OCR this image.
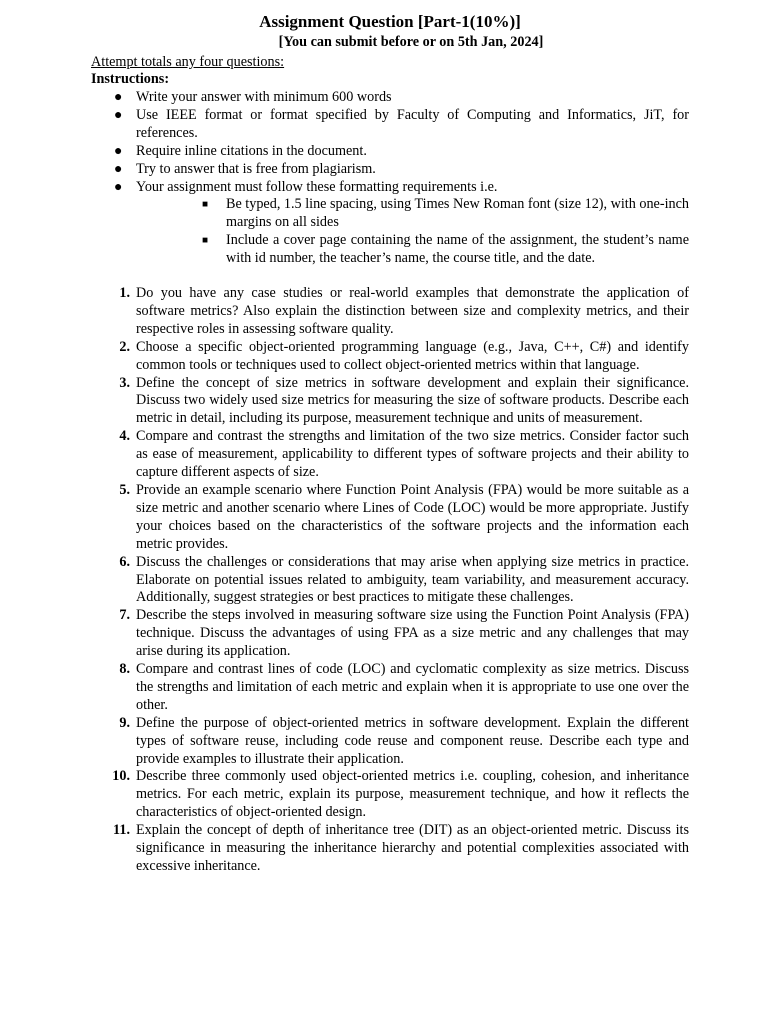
Assignment Question [Part-1(10%)]
[You can submit before or on 5th Jan, 2024]
Attempt totals any four questions:
Instructions:
● Write your answer with minimum 600 words
● Use IEEE format or format specified by Faculty of Computing and Informatics, JiT, for references.
● Require inline citations in the document.
● Try to answer that is free from plagiarism.
● Your assignment must follow these formatting requirements i.e.
■ Be typed, 1.5 line spacing, using Times New Roman font (size 12), with one-inch margins on all sides
■ Include a cover page containing the name of the assignment, the student’s name with id number, the teacher’s name, the course title, and the date.
1. Do you have any case studies or real-world examples that demonstrate the application of software metrics? Also explain the distinction between size and complexity metrics, and their respective roles in assessing software quality.
2. Choose a specific object-oriented programming language (e.g., Java, C++, C#) and identify common tools or techniques used to collect object-oriented metrics within that language.
3. Define the concept of size metrics in software development and explain their significance. Discuss two widely used size metrics for measuring the size of software products. Describe each metric in detail, including its purpose, measurement technique and units of measurement.
4. Compare and contrast the strengths and limitation of the two size metrics. Consider factor such as ease of measurement, applicability to different types of software projects and their ability to capture different aspects of size.
5. Provide an example scenario where Function Point Analysis (FPA) would be more suitable as a size metric and another scenario where Lines of Code (LOC) would be more appropriate. Justify your choices based on the characteristics of the software projects and the information each metric provides.
6. Discuss the challenges or considerations that may arise when applying size metrics in practice. Elaborate on potential issues related to ambiguity, team variability, and measurement accuracy. Additionally, suggest strategies or best practices to mitigate these challenges.
7. Describe the steps involved in measuring software size using the Function Point Analysis (FPA) technique. Discuss the advantages of using FPA as a size metric and any challenges that may arise during its application.
8. Compare and contrast lines of code (LOC) and cyclomatic complexity as size metrics. Discuss the strengths and limitation of each metric and explain when it is appropriate to use one over the other.
9. Define the purpose of object-oriented metrics in software development. Explain the different types of software reuse, including code reuse and component reuse. Describe each type and provide examples to illustrate their application.
10. Describe three commonly used object-oriented metrics i.e. coupling, cohesion, and inheritance metrics. For each metric, explain its purpose, measurement technique, and how it reflects the characteristics of object-oriented design.
11. Explain the concept of depth of inheritance tree (DIT) as an object-oriented metric. Discuss its significance in measuring the inheritance hierarchy and potential complexities associated with excessive inheritance.
